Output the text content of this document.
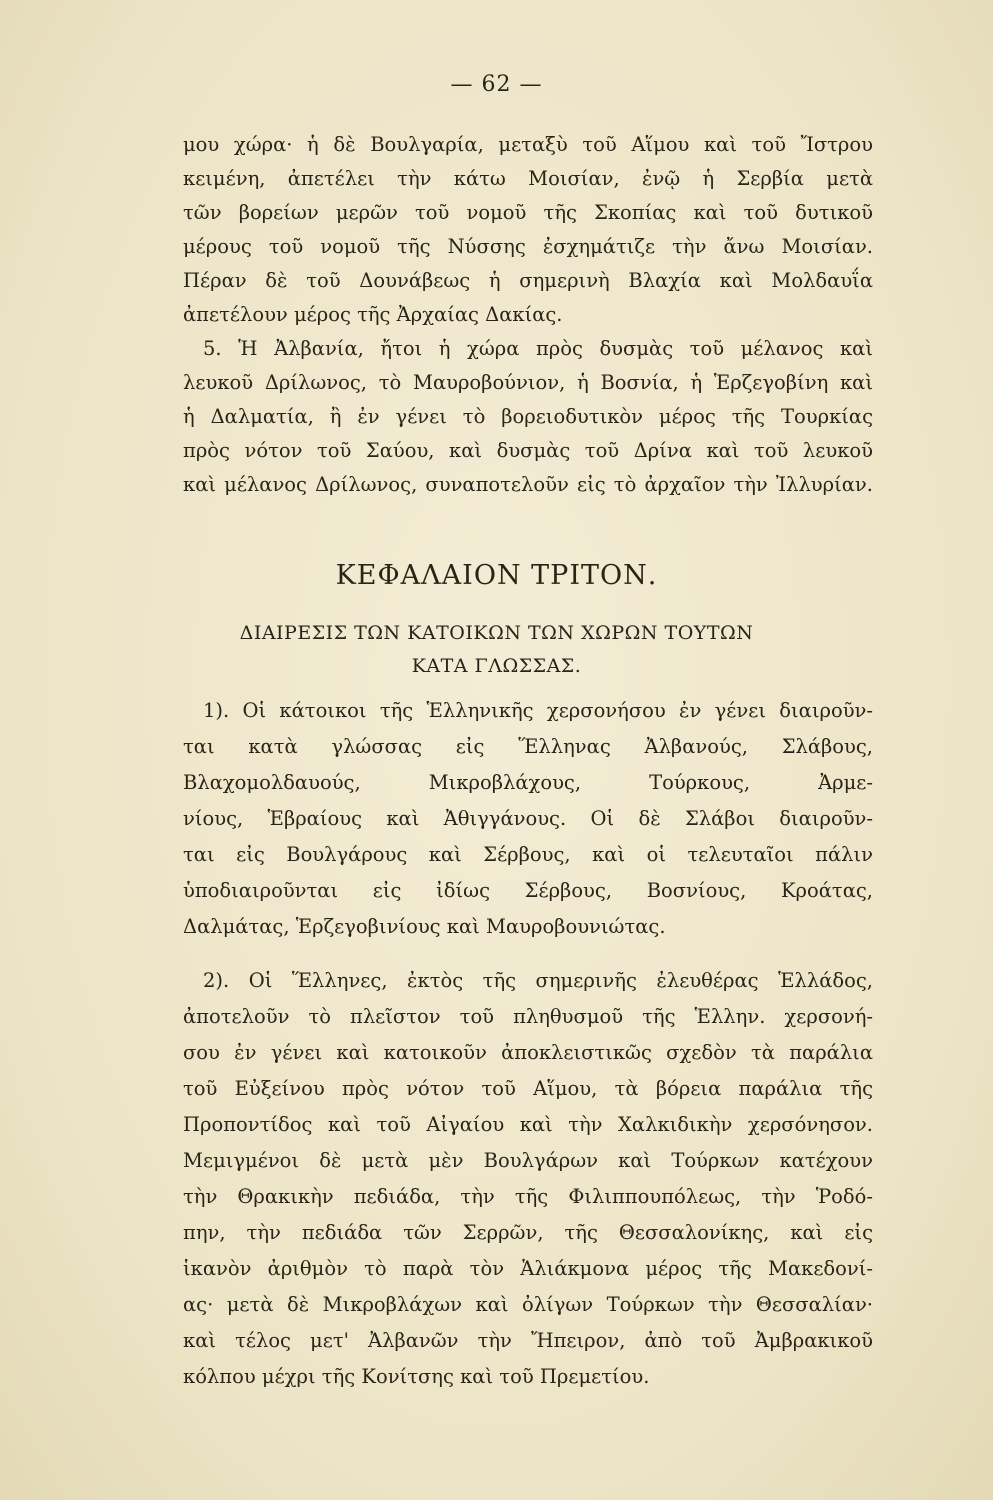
— 62 —
μου χώρα· ἡ δὲ Βουλγαρία, μεταξὺ τοῦ Αἵμου καὶ τοῦ Ἴστρου
κειμένη, ἀπετέλει τὴν κάτω Μοισίαν, ἐνῷ ἡ Σερβία μετὰ
τῶν βορείων μερῶν τοῦ νομοῦ τῆς Σκοπίας καὶ τοῦ δυτικοῦ
μέρους τοῦ νομοῦ τῆς Νύσσης ἐσχημάτιζε τὴν ἄνω Μοισίαν.
Πέραν δὲ τοῦ Δουνάβεως ἡ σημερινὴ Βλαχία καὶ Μολδαυΐα
ἀπετέλουν μέρος τῆς Ἀρχαίας Δακίας.
5. Ἡ Ἀλβανία, ἤτοι ἡ χώρα πρὸς δυσμὰς τοῦ μέλανος καὶ
λευκοῦ Δρίλωνος, τὸ Μαυροβούνιον, ἡ Βοσνία, ἡ Ἑρζεγοβίνη καὶ
ἡ Δαλματία, ἢ ἐν γένει τὸ βορειοδυτικὸν μέρος τῆς Τουρκίας
πρὸς νότον τοῦ Σαύου, καὶ δυσμὰς τοῦ Δρίνα καὶ τοῦ λευκοῦ
καὶ μέλανος Δρίλωνος, συναποτελοῦν εἰς τὸ ἀρχαῖον τὴν Ἰλλυρίαν.
ΚΕΦΑΛΑΙΟΝ ΤΡΙΤΟΝ.
ΔΙΑΙΡΕΣΙΣ ΤΩΝ ΚΑΤΟΙΚΩΝ ΤΩΝ ΧΩΡΩΝ ΤΟΥΤΩΝ
ΚΑΤΑ ΓΛΩΣΣΑΣ.
1). Οἱ κάτοικοι τῆς Ἑλληνικῆς χερσονήσου ἐν γένει διαιροῦν-
ται κατὰ γλώσσας εἰς Ἕλληνας Ἀλβανούς, Σλάβους,
Βλαχομολδαυούς, Μικροβλάχους, Τούρκους, Ἀρμε-
νίους, Ἑβραίους καὶ Ἀθιγγάνους. Οἱ δὲ Σλάβοι διαιροῦν-
ται εἰς Βουλγάρους καὶ Σέρβους, καὶ οἱ τελευταῖοι πάλιν
ὑποδιαιροῦνται εἰς ἰδίως Σέρβους, Βοσνίους, Κροάτας,
Δαλμάτας, Ἑρζεγοβινίους καὶ Μαυροβουνιώτας.
2). Οἱ Ἕλληνες, ἐκτὸς τῆς σημερινῆς ἐλευθέρας Ἑλλάδος,
ἀποτελοῦν τὸ πλεῖστον τοῦ πληθυσμοῦ τῆς Ἑλλην. χερσονή-
σου ἐν γένει καὶ κατοικοῦν ἀποκλειστικῶς σχεδὸν τὰ παράλια
τοῦ Εὐξείνου πρὸς νότον τοῦ Αἵμου, τὰ βόρεια παράλια τῆς
Προποντίδος καὶ τοῦ Αἰγαίου καὶ τὴν Χαλκιδικὴν χερσόνησον.
Μεμιγμένοι δὲ μετὰ μὲν Βουλγάρων καὶ Τούρκων κατέχουν
τὴν Θρακικὴν πεδιάδα, τὴν τῆς Φιλιππουπόλεως, τὴν Ῥοδό-
πην, τὴν πεδιάδα τῶν Σερρῶν, τῆς Θεσσαλονίκης, καὶ εἰς
ἱκανὸν ἀριθμὸν τὸ παρὰ τὸν Ἁλιάκμονα μέρος τῆς Μακεδονί-
ας· μετὰ δὲ Μικροβλάχων καὶ ὀλίγων Τούρκων τὴν Θεσσαλίαν·
καὶ τέλος μετ' Ἀλβανῶν τὴν Ἤπειρον, ἀπὸ τοῦ Ἀμβρακικοῦ
κόλπου μέχρι τῆς Κονίτσης καὶ τοῦ Πρεμετίου.
